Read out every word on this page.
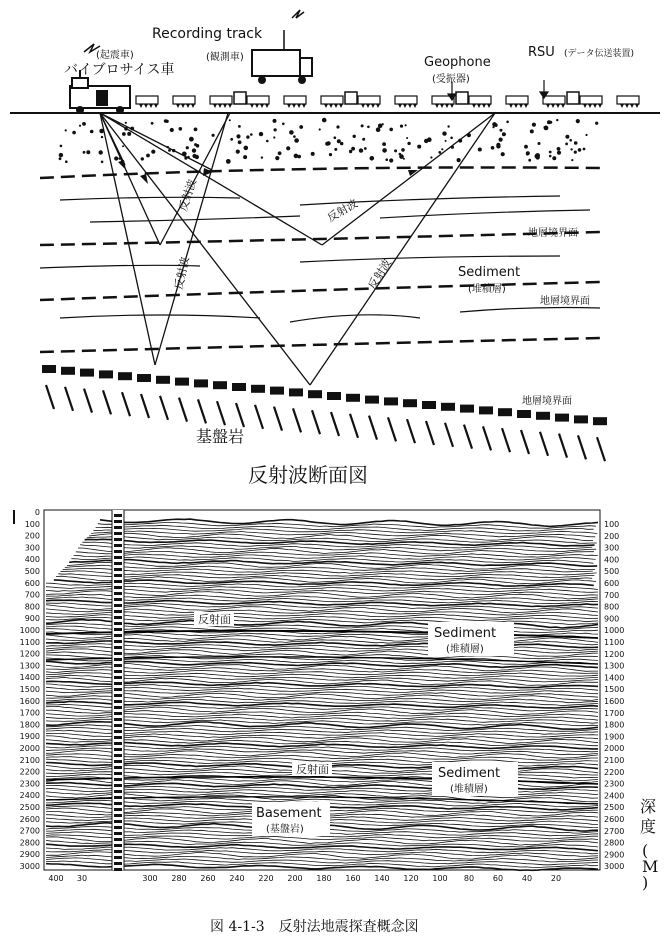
(起震車)
バイブロサイス車
Recording track
(観測車)	Geophone
(受振器)
RSU (データ伝送装置)
反射波	反射波
反射波	反射波
地層境界面
地層境界面
地層境界面
Sediment
(堆積層)
基盤岩
反射波断面図
0
100
200
300
400
500
600
700
800
900
1000
1100
1200
1300
1400
1500
1600
1700
1800
1900
2000
2100
2200
2300
2400
2500
2600
2700
2800
2900
3000
100
200
300
400
500
600
700
800
900
1000
1100
1200
1300
1400
1500
1600
1700
1800
1900
2000
2100
2200
2300
2400
2500
2600
2700
2800
2900
3000
400 30	300 280 260 240 220 200 180 160 140 120 100 80 60 40 20
反射面
反射面
Sediment
(堆積層)
Sediment
(堆積層)
Basement
(基盤岩)
深度
( M )
図 4-1-3　反射法地震探査概念図
